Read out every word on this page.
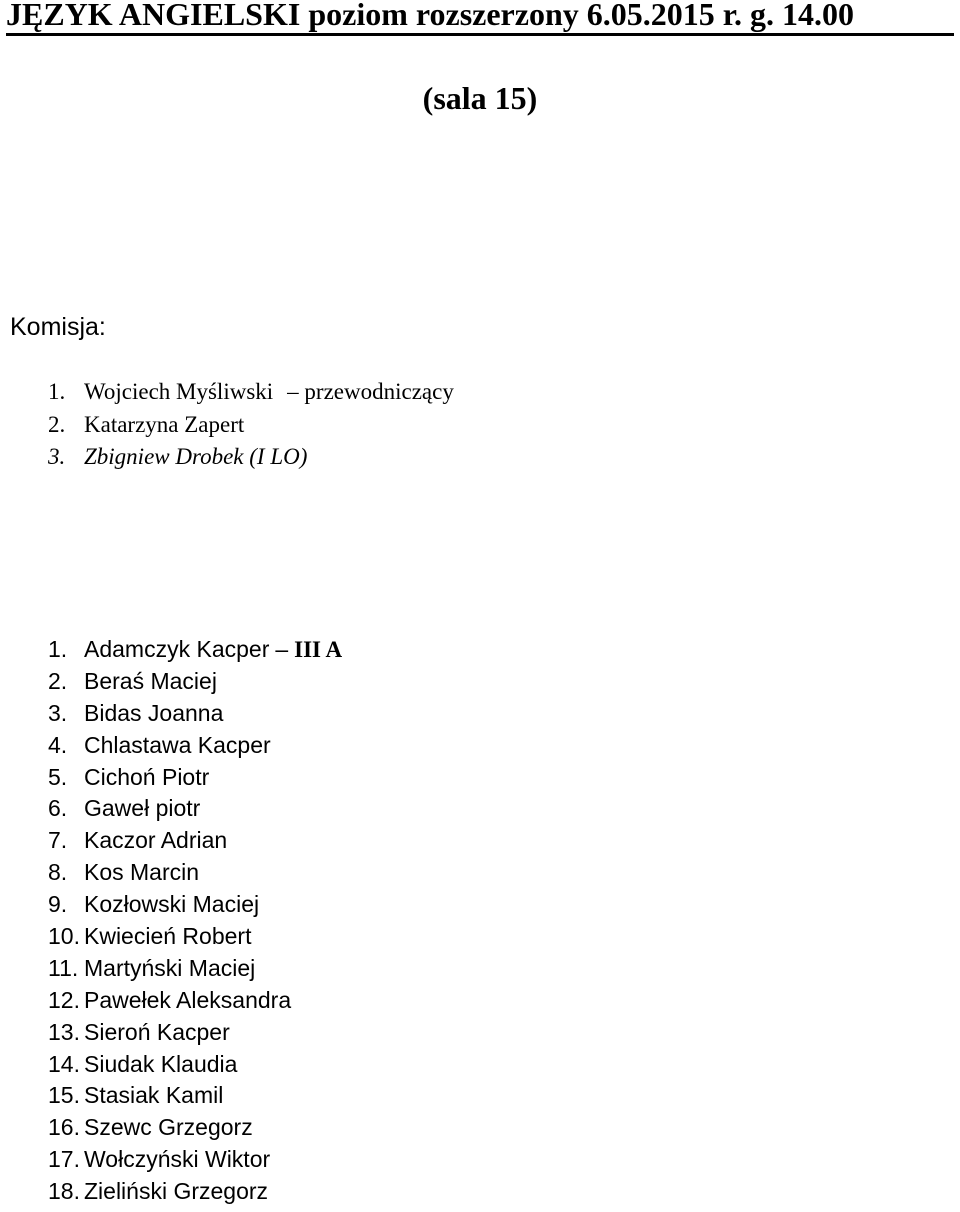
JĘZYK ANGIELSKI poziom rozszerzony 6.05.2015 r. g. 14.00
(sala 15)
Komisja:
1. Wojciech Myśliwski – przewodniczący
2. Katarzyna Zapert
3. Zbigniew Drobek (I LO)
1. Adamczyk Kacper – III A
2. Beraś Maciej
3. Bidas Joanna
4. Chlastawa Kacper
5. Cichoń Piotr
6. Gaweł piotr
7. Kaczor Adrian
8. Kos Marcin
9. Kozłowski Maciej
10. Kwiecień Robert
11. Martyński Maciej
12. Pawełek Aleksandra
13. Sieroń Kacper
14. Siudak Klaudia
15. Stasiak Kamil
16. Szewc Grzegorz
17. Wołczyński Wiktor
18. Zieliński Grzegorz
